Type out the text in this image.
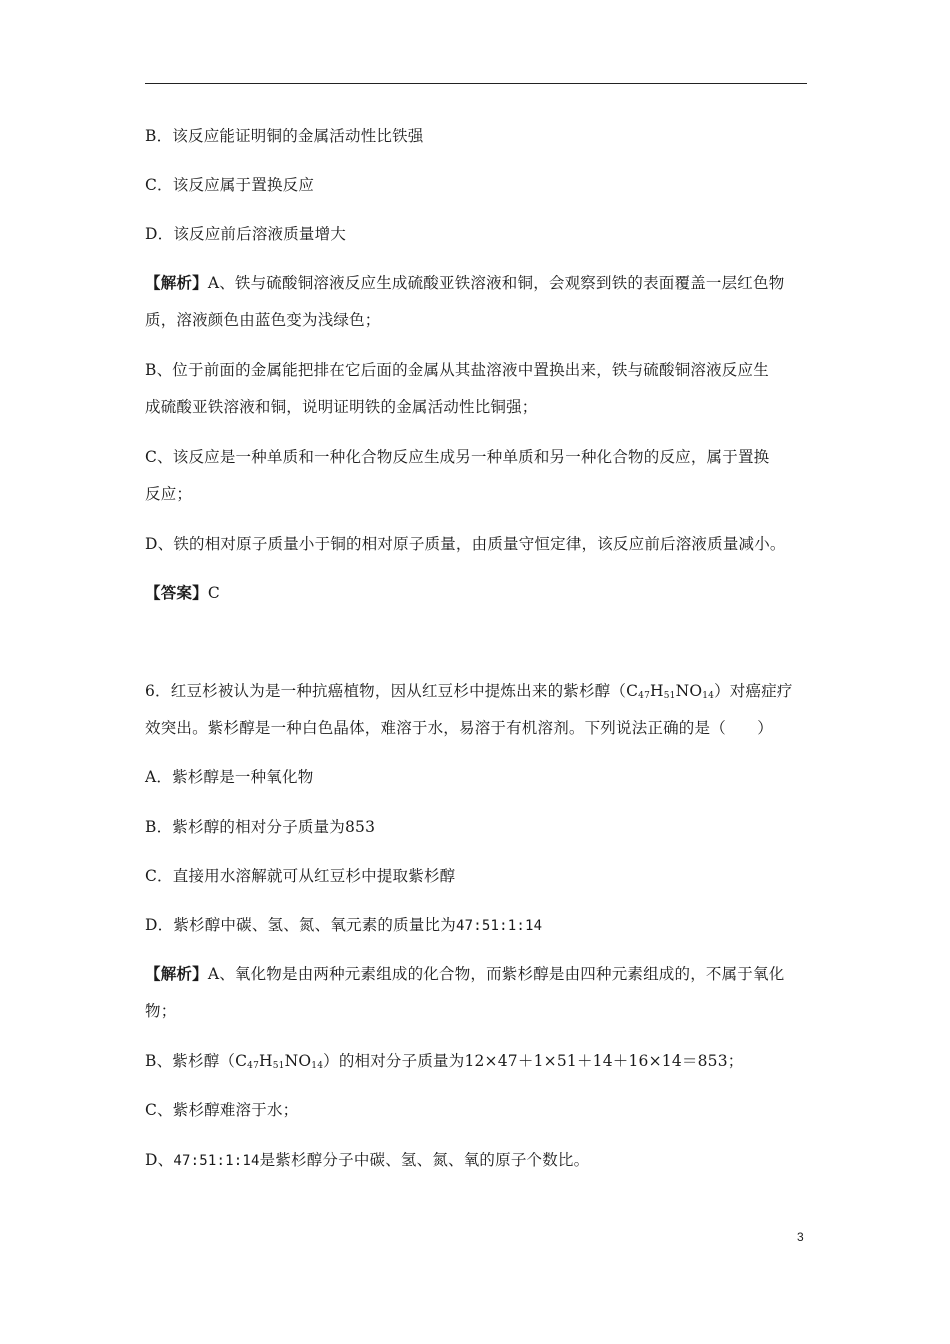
B．该反应能证明铜的金属活动性比铁强
C．该反应属于置换反应
D．该反应前后溶液质量增大
【解析】A、铁与硫酸铜溶液反应生成硫酸亚铁溶液和铜，会观察到铁的表面覆盖一层红色物
质，溶液颜色由蓝色变为浅绿色；
B、位于前面的金属能把排在它后面的金属从其盐溶液中置换出来，铁与硫酸铜溶液反应生
成硫酸亚铁溶液和铜，说明证明铁的金属活动性比铜强；
C、该反应是一种单质和一种化合物反应生成另一种单质和另一种化合物的反应，属于置换
反应；
D、铁的相对原子质量小于铜的相对原子质量，由质量守恒定律，该反应前后溶液质量减小。
【答案】C
6．红豆杉被认为是一种抗癌植物，因从红豆杉中提炼出来的紫杉醇$(C_{47}H_{51}NO_{14})$对癌症疗
效突出。紫杉醇是一种白色晶体，难溶于水，易溶于有机溶剂。下列说法正确的是（　　）
A．紫杉醇是一种氧化物
B．紫杉醇的相对分子质量为853
C．直接用水溶解就可从红豆杉中提取紫杉醇
D．紫杉醇中碳、氢、氮、氧元素的质量比为47:51:1:14
【解析】A、氧化物是由两种元素组成的化合物，而紫杉醇是由四种元素组成的，不属于氧化
物；
B、紫杉醇$(C_{47}H_{51}NO_{14})$的相对分子质量为12×47＋1×51＋14＋16×14＝853；
C、紫杉醇难溶于水；
D、47:51:1:14是紫杉醇分子中碳、氢、氮、氧的原子个数比。
3
